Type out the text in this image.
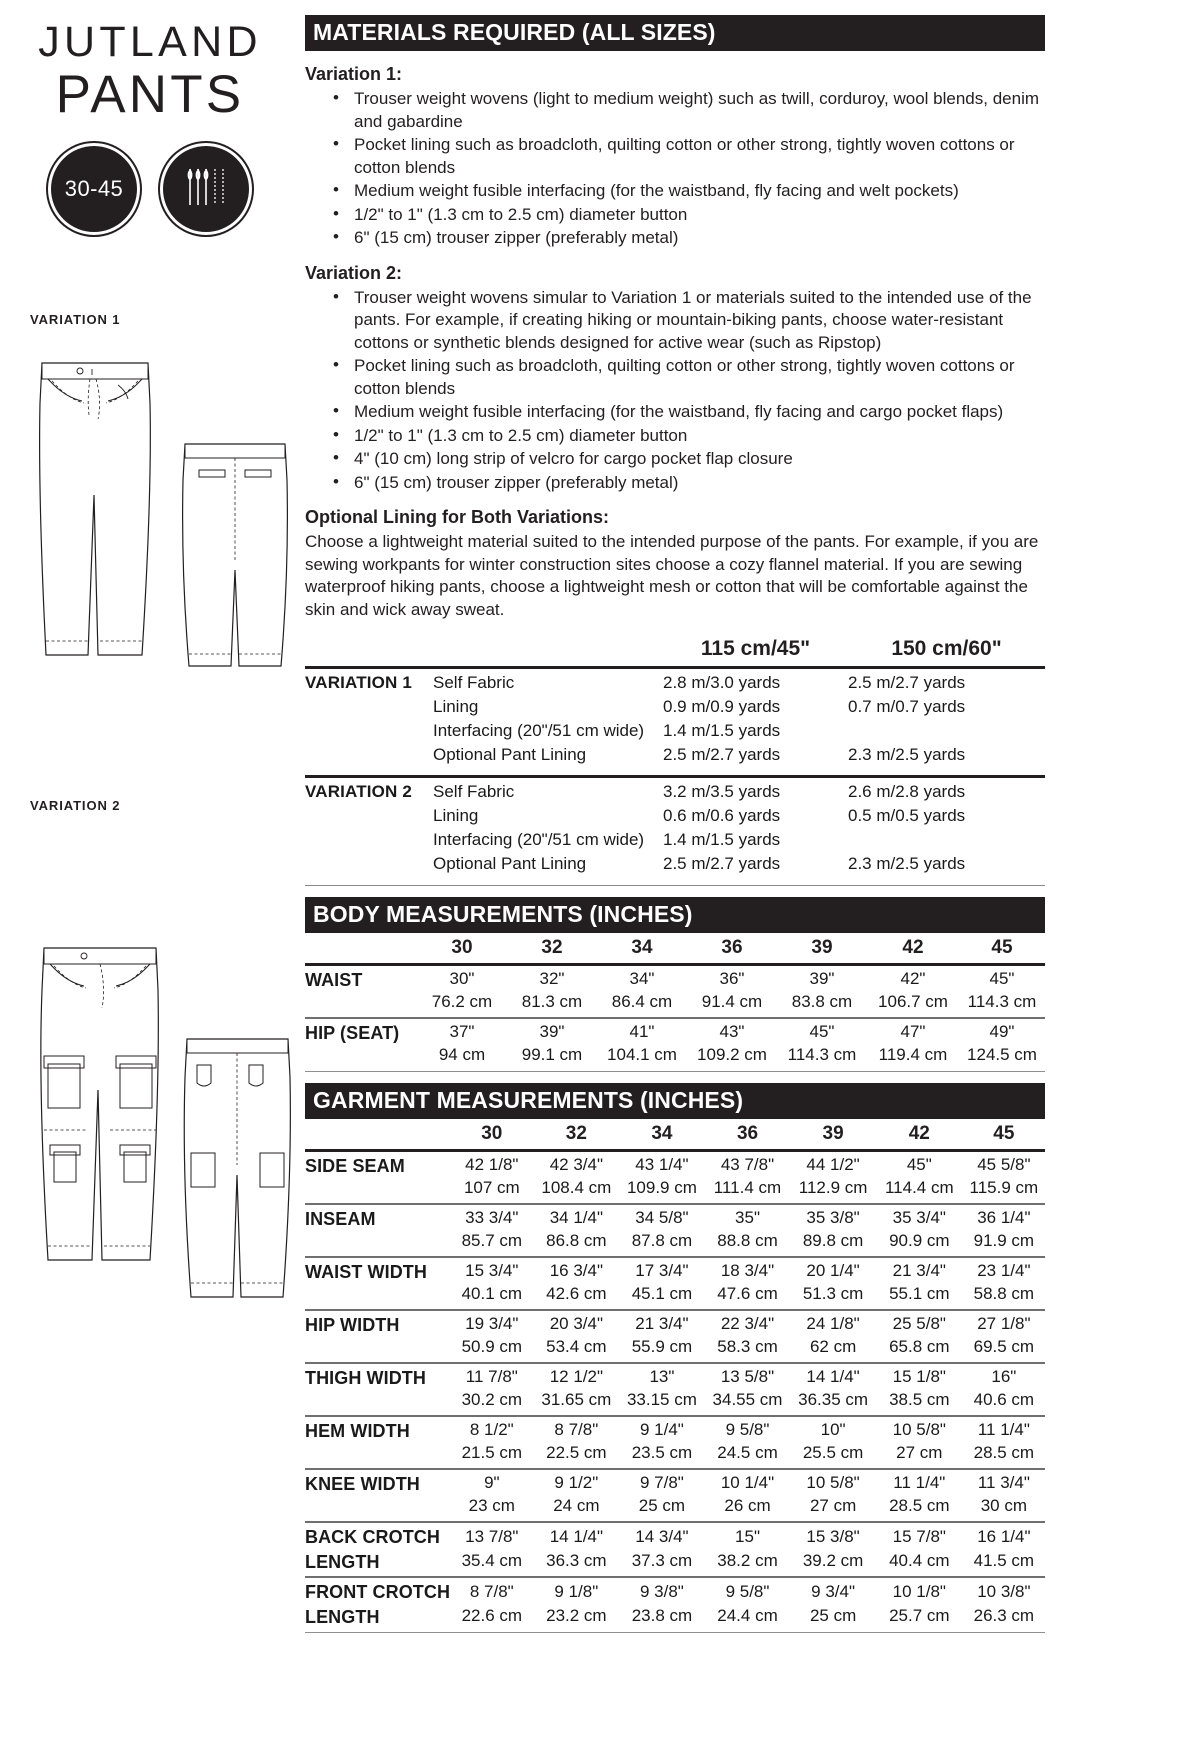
JUTLAND
PANTS
30-45
VARIATION 1
VARIATION 2
MATERIALS REQUIRED (ALL SIZES)
Variation 1:
• Trouser weight wovens (light to medium weight) such as twill, corduroy, wool blends, denim and gabardine
• Pocket lining such as broadcloth, quilting cotton or other strong, tightly woven cottons or cotton blends
• Medium weight fusible interfacing (for the waistband, fly facing and welt pockets)
• 1/2" to 1" (1.3 cm to 2.5 cm) diameter button
• 6" (15 cm) trouser zipper (preferably metal)
Variation 2:
• Trouser weight wovens simular to Variation 1 or materials suited to the intended use of the pants. For example, if creating hiking or mountain-biking pants, choose water-resistant cottons or synthetic blends designed for active wear (such as Ripstop)
• Pocket lining such as broadcloth, quilting cotton or other strong, tightly woven cottons or cotton blends
• Medium weight fusible interfacing (for the waistband, fly facing and cargo pocket flaps)
• 1/2" to 1" (1.3 cm to 2.5 cm) diameter button
• 4" (10 cm) long strip of velcro for cargo pocket flap closure
• 6" (15 cm) trouser zipper (preferably metal)
Optional Lining for Both Variations:

Choose a lightweight material suited to the intended purpose of the pants. For example, if you are sewing workpants for winter construction sites choose a cozy flannel material. If you are sewing waterproof hiking pants, choose a lightweight mesh or cotton that will be comfortable against the skin and wick away sweat.

		115 cm/45"	150 cm/60"

VARIATION 1	Self Fabric	2.8 m/3.0 yards	2.5 m/2.7 yards
	Lining	0.9 m/0.9 yards	0.7 m/0.7 yards
	Interfacing (20"/51 cm wide)	1.4 m/1.5 yards	
	Optional Pant Lining	2.5 m/2.7 yards	2.3 m/2.5 yards

VARIATION 2	Self Fabric	3.2 m/3.5 yards	2.6 m/2.8 yards
	Lining	0.6 m/0.6 yards	0.5 m/0.5 yards
	Interfacing (20"/51 cm wide)	1.4 m/1.5 yards	
	Optional Pant Lining	2.5 m/2.7 yards	2.3 m/2.5 yards

BODY MEASUREMENTS (INCHES)
	30	32	34	36	39	42	45

WAIST	30"	32"	34"	36"	39"	42"	45"
	76.2 cm	81.3 cm	86.4 cm	91.4 cm	83.8 cm	106.7 cm	114.3 cm

HIP (SEAT)	37"	39"	41"	43"	45"	47"	49"
	94 cm	99.1 cm	104.1 cm	109.2 cm	114.3 cm	119.4 cm	124.5 cm

GARMENT MEASUREMENTS (INCHES)
	30	32	34	36	39	42	45

SIDE SEAM	42 1/8"	42 3/4"	43 1/4"	43 7/8"	44 1/2"	45"	45 5/8"
	107 cm	108.4 cm	109.9 cm	111.4 cm	112.9 cm	114.4 cm	115.9 cm

INSEAM	33 3/4"	34 1/4"	34 5/8"	35"	35 3/8"	35 3/4"	36 1/4"
	85.7 cm	86.8 cm	87.8 cm	88.8 cm	89.8 cm	90.9 cm	91.9 cm

WAIST WIDTH	15 3/4"	16 3/4"	17 3/4"	18 3/4"	20 1/4"	21 3/4"	23 1/4"
	40.1 cm	42.6 cm	45.1 cm	47.6 cm	51.3 cm	55.1 cm	58.8 cm

HIP WIDTH	19 3/4"	20 3/4"	21 3/4"	22 3/4"	24 1/8"	25 5/8"	27 1/8"
	50.9 cm	53.4 cm	55.9 cm	58.3 cm	62 cm	65.8 cm	69.5 cm

THIGH WIDTH	11 7/8"	12 1/2"	13"	13 5/8"	14 1/4"	15 1/8"	16"
	30.2 cm	31.65 cm	33.15 cm	34.55 cm	36.35 cm	38.5 cm	40.6 cm

HEM WIDTH	8 1/2"	8 7/8"	9 1/4"	9 5/8"	10"	10 5/8"	11 1/4"
	21.5 cm	22.5 cm	23.5 cm	24.5 cm	25.5 cm	27 cm	28.5 cm

KNEE WIDTH	9"	9 1/2"	9 7/8"	10 1/4"	10 5/8"	11 1/4"	11 3/4"
	23 cm	24 cm	25 cm	26 cm	27 cm	28.5 cm	30 cm

BACK CROTCH	13 7/8"	14 1/4"	14 3/4"	15"	15 3/8"	15 7/8"	16 1/4"
LENGTH	35.4 cm	36.3 cm	37.3 cm	38.2 cm	39.2 cm	40.4 cm	41.5 cm

FRONT CROTCH	8 7/8"	9 1/8"	9 3/8"	9 5/8"	9 3/4"	10 1/8"	10 3/8"
LENGTH	22.6 cm	23.2 cm	23.8 cm	24.4 cm	25 cm	25.7 cm	26.3 cm
